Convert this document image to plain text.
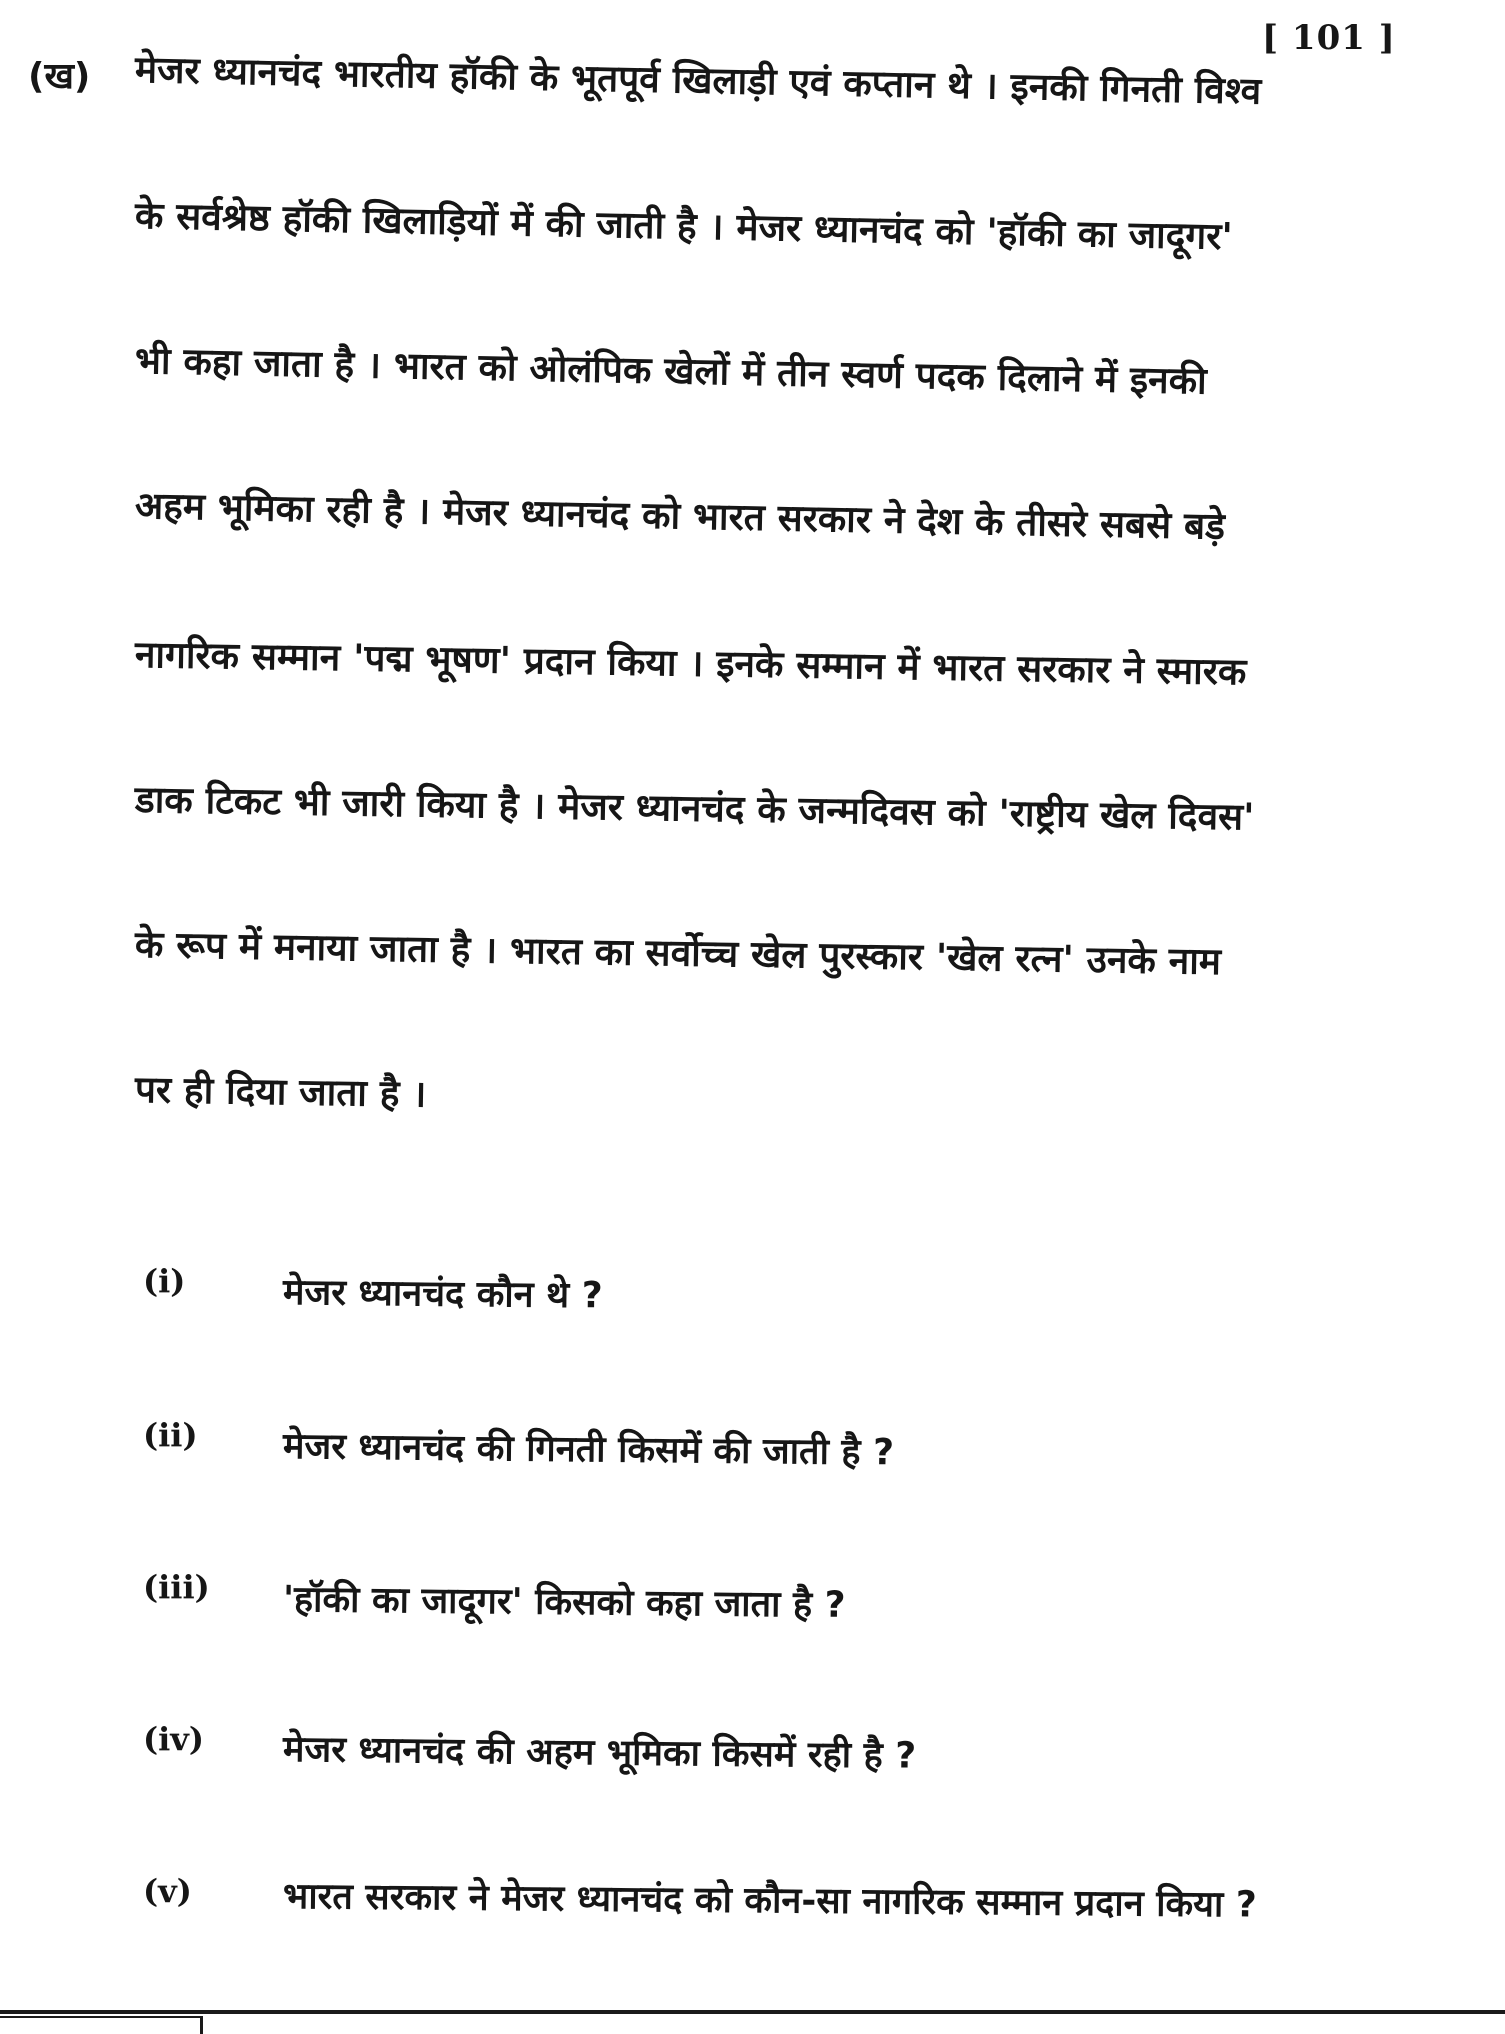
[ 101 ]
(ख) मेजर ध्यानचंद भारतीय हॉकी के भूतपूर्व खिलाड़ी एवं कप्तान थे । इनकी गिनती विश्व
के सर्वश्रेष्ठ हॉकी खिलाड़ियों में की जाती है । मेजर ध्यानचंद को 'हॉकी का जादूगर'
भी कहा जाता है । भारत को ओलंपिक खेलों में तीन स्वर्ण पदक दिलाने में इनकी
अहम भूमिका रही है । मेजर ध्यानचंद को भारत सरकार ने देश के तीसरे सबसे बड़े
नागरिक सम्मान 'पद्म भूषण' प्रदान किया । इनके सम्मान में भारत सरकार ने स्मारक
डाक टिकट भी जारी किया है । मेजर ध्यानचंद के जन्मदिवस को 'राष्ट्रीय खेल दिवस'
के रूप में मनाया जाता है । भारत का सर्वोच्च खेल पुरस्कार 'खेल रत्न' उनके नाम
पर ही दिया जाता है ।
(i)	मेजर ध्यानचंद कौन थे ?
(ii) मेजर ध्यानचंद की गिनती किसमें की जाती है ?
(iii) 'हॉकी का जादूगर' किसको कहा जाता है ?
(iv) मेजर ध्यानचंद की अहम भूमिका किसमें रही है ?
(v)	भारत सरकार ने मेजर ध्यानचंद को कौन-सा नागरिक सम्मान प्रदान किया ?
